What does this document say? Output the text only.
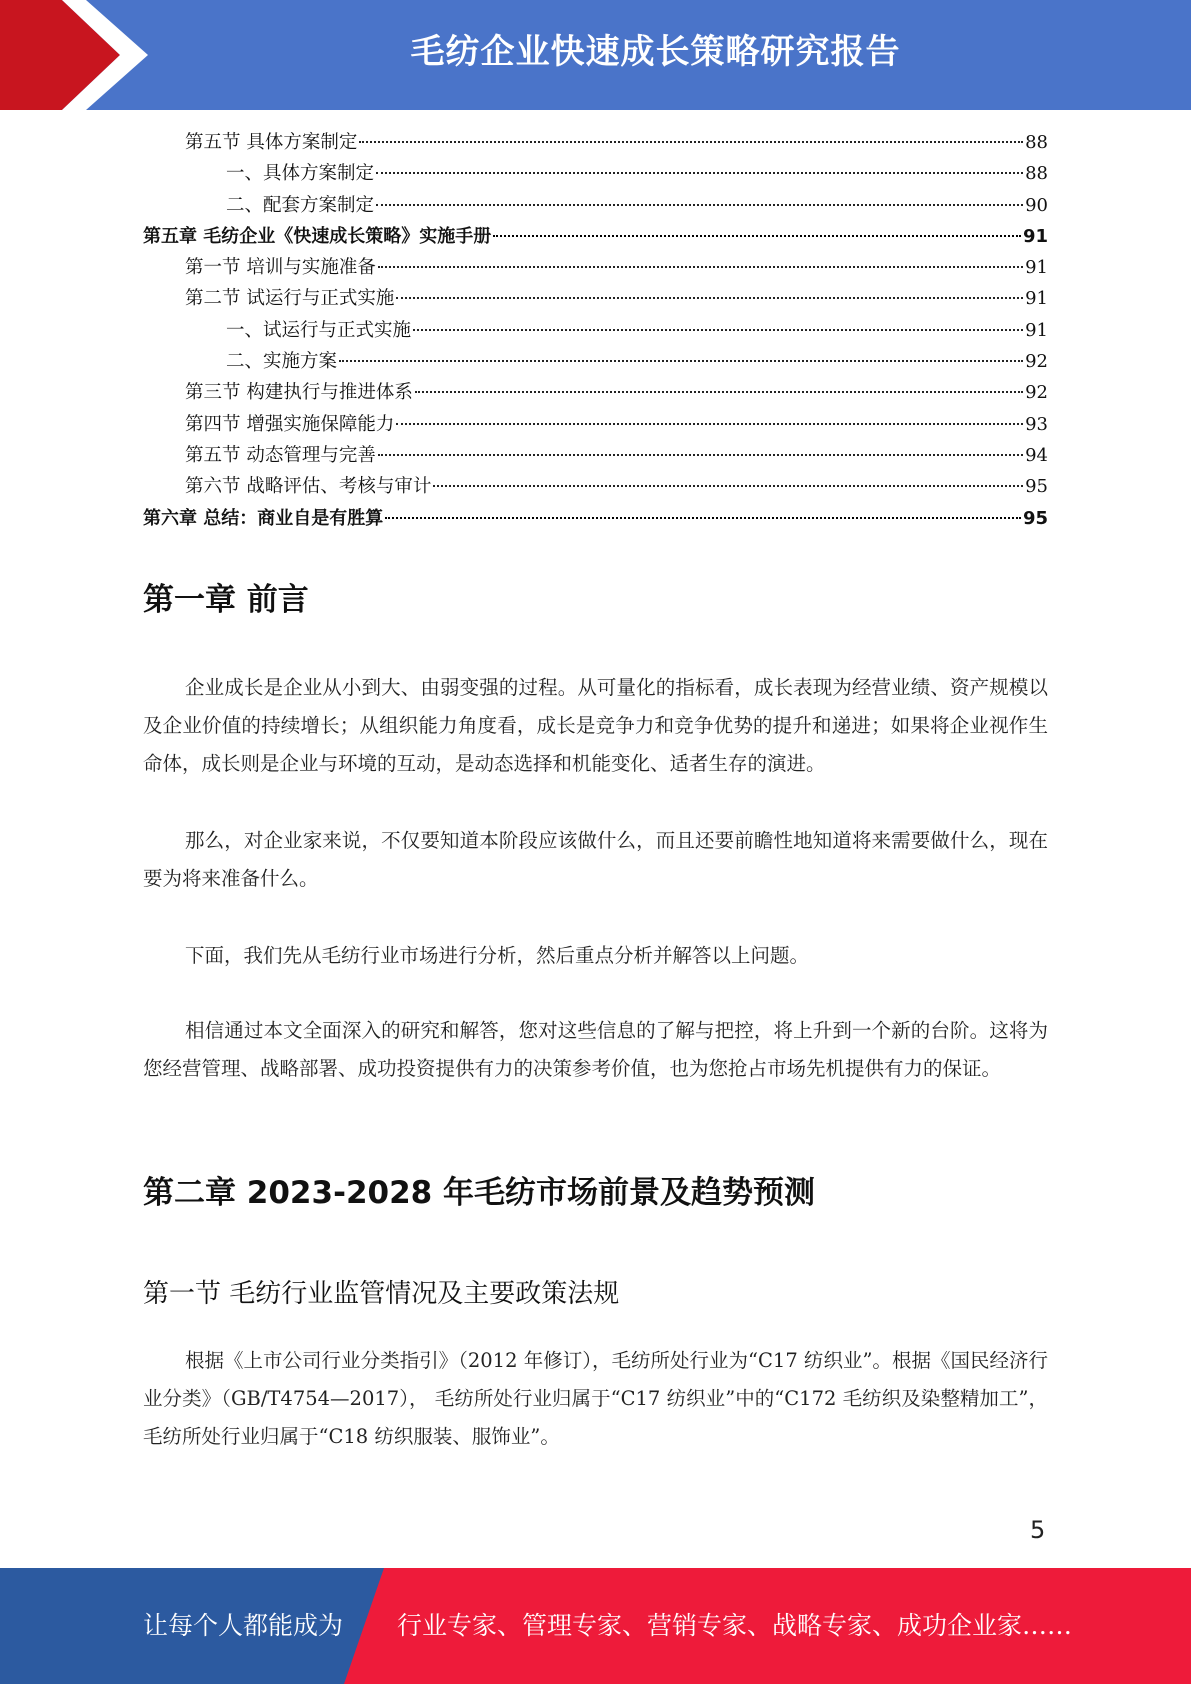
毛纺企业快速成长策略研究报告
第五节 具体方案制定	88
一、具体方案制定	88
二、配套方案制定	90
第五章 毛纺企业《快速成长策略》实施手册	91
第一节 培训与实施准备	91
第二节 试运行与正式实施	91
一、试运行与正式实施	91
二、实施方案	92
第三节 构建执行与推进体系	92
第四节 增强实施保障能力	93
第五节 动态管理与完善	94
第六节 战略评估、考核与审计	95
第六章 总结：商业自是有胜算	95
第一章 前言
企业成长是企业从小到大、由弱变强的过程。从可量化的指标看，成长表现为经营业绩、资产规模以及企业价值的持续增长；从组织能力角度看，成长是竞争力和竞争优势的提升和递进；如果将企业视作生命体，成长则是企业与环境的互动，是动态选择和机能变化、适者生存的演进。
那么，对企业家来说，不仅要知道本阶段应该做什么，而且还要前瞻性地知道将来需要做什么，现在要为将来准备什么。
下面，我们先从毛纺行业市场进行分析，然后重点分析并解答以上问题。
相信通过本文全面深入的研究和解答，您对这些信息的了解与把控，将上升到一个新的台阶。这将为您经营管理、战略部署、成功投资提供有力的决策参考价值，也为您抢占市场先机提供有力的保证。
第二章 2023-2028 年毛纺市场前景及趋势预测
第一节 毛纺行业监管情况及主要政策法规
根据《上市公司行业分类指引》（2012 年修订），毛纺所处行业为“C17 纺织业”。根据《国民经济行业分类》（GB/T4754—2017）， 毛纺所处行业归属于“C17 纺织业”中的“C172 毛纺织及染整精加工”，毛纺所处行业归属于“C18 纺织服装、服饰业”。
5
让每个人都能成为 行业专家、管理专家、营销专家、战略专家、成功企业家……
